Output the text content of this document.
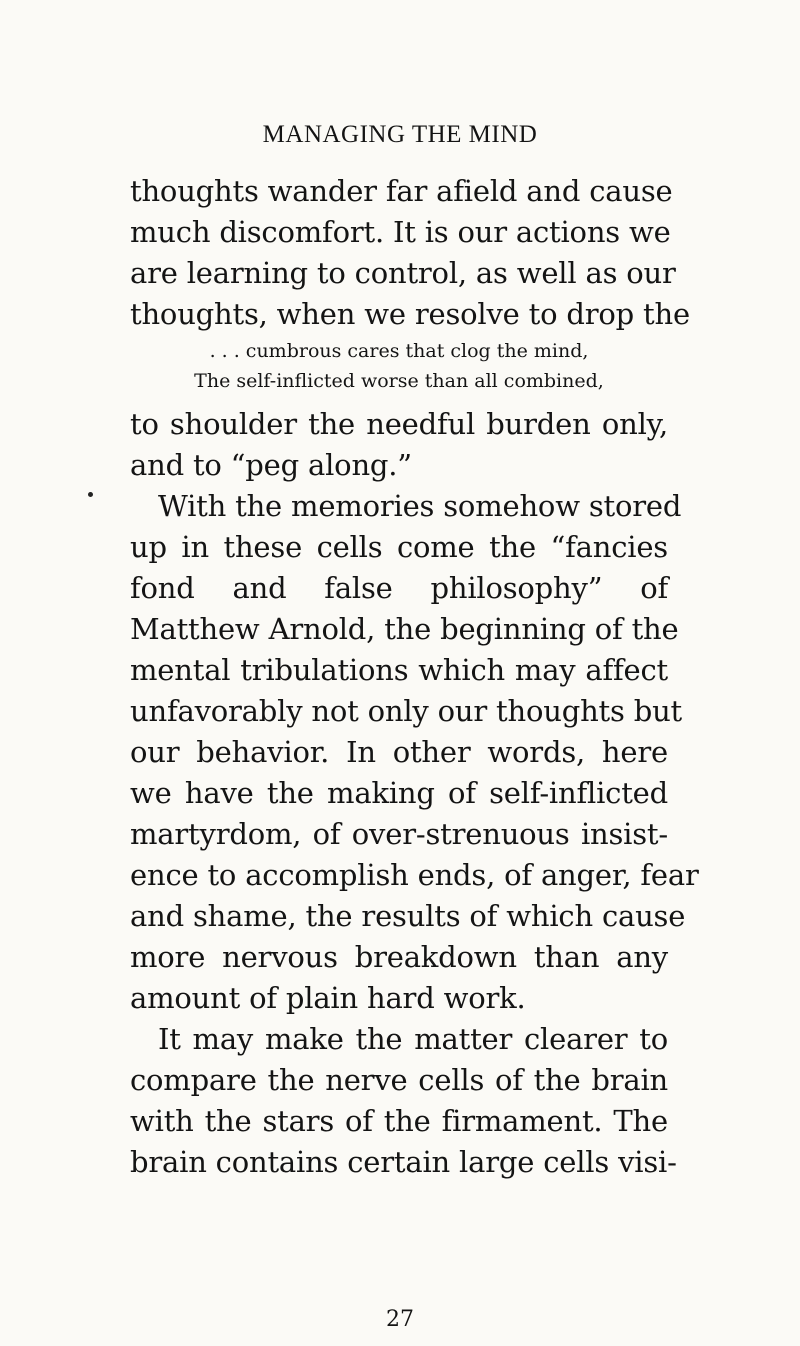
MANAGING THE MIND
thoughts wander far afield and cause
much discomfort. It is our actions we
are learning to control, as well as our
thoughts, when we resolve to drop the
. . . cumbrous cares that clog the mind,
The self-inflicted worse than all combined,
to shoulder the needful burden only,
and to “peg along.”
With the memories somehow stored
up in these cells come the “fancies
fond and false philosophy” of
Matthew Arnold, the beginning of the
mental tribulations which may affect
unfavorably not only our thoughts but
our behavior. In other words, here
we have the making of self-inflicted
martyrdom, of over-strenuous insist-
ence to accomplish ends, of anger, fear
and shame, the results of which cause
more nervous breakdown than any
amount of plain hard work.
It may make the matter clearer to
compare the nerve cells of the brain
with the stars of the firmament. The
brain contains certain large cells visi-
27
